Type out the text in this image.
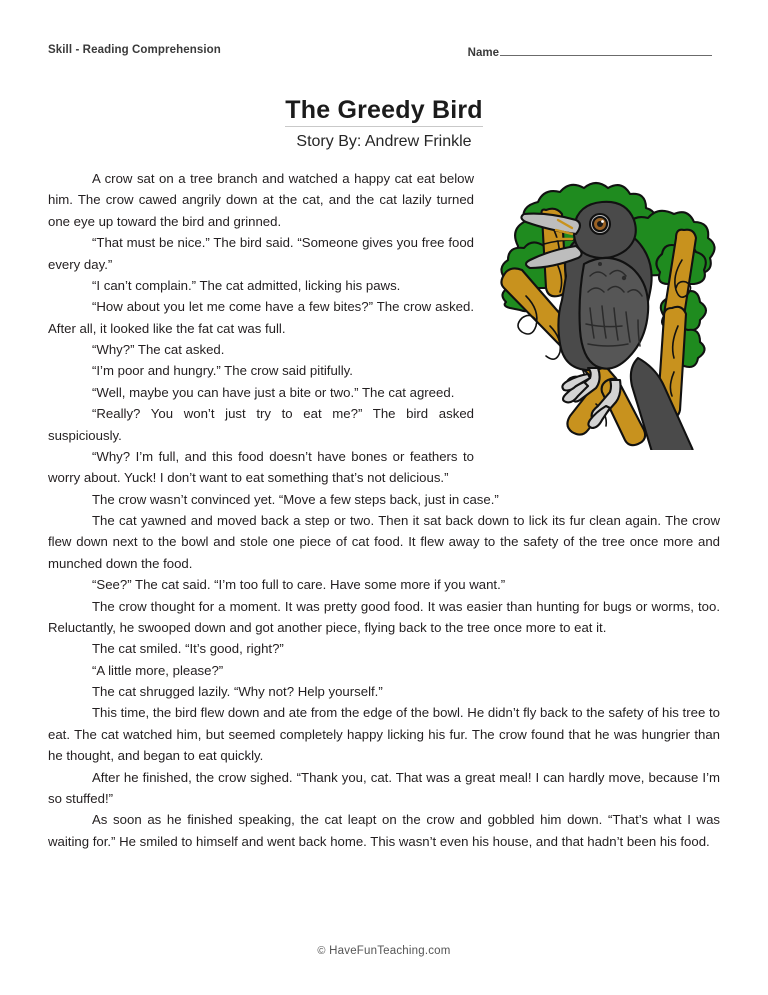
Skill - Reading Comprehension	Name
The Greedy Bird
Story By: Andrew Frinkle

A crow sat on a tree branch and watched a happy cat eat below him. The crow cawed angrily down at the cat, and the cat lazily turned one eye up toward the bird and grinned.

“That must be nice.” The bird said. “Someone gives you free food every day.”

“I can’t complain.” The cat admitted, licking his paws.

“How about you let me come have a few bites?” The crow asked. After all, it looked like the fat cat was full.

“Why?” The cat asked.

“I’m poor and hungry.” The crow said pitifully.

“Well, maybe you can have just a bite or two.” The cat agreed.

“Really? You won’t just try to eat me?” The bird asked suspiciously.

“Why? I’m full, and this food doesn’t have bones or feathers to worry about. Yuck! I don’t want to eat something that’s not delicious.”

The crow wasn’t convinced yet. “Move a few steps back, just in case.”

The cat yawned and moved back a step or two. Then it sat back down to lick its fur clean again. The crow flew down next to the bowl and stole one piece of cat food. It flew away to the safety of the tree once more and munched down the food.

“See?” The cat said. “I’m too full to care. Have some more if you want.”

The crow thought for a moment. It was pretty good food. It was easier than hunting for bugs or worms, too. Reluctantly, he swooped down and got another piece, flying back to the tree once more to eat it.

The cat smiled. “It’s good, right?”

“A little more, please?”

The cat shrugged lazily. “Why not? Help yourself.”

This time, the bird flew down and ate from the edge of the bowl. He didn’t fly back to the safety of his tree to eat. The cat watched him, but seemed completely happy licking his fur. The crow found that he was hungrier than he thought, and began to eat quickly.

After he finished, the crow sighed. “Thank you, cat. That was a great meal! I can hardly move, because I’m so stuffed!”

As soon as he finished speaking, the cat leapt on the crow and gobbled him down. “That’s what I was waiting for.” He smiled to himself and went back home. This wasn’t even his house, and that hadn’t been his food.

© HaveFunTeaching.com
